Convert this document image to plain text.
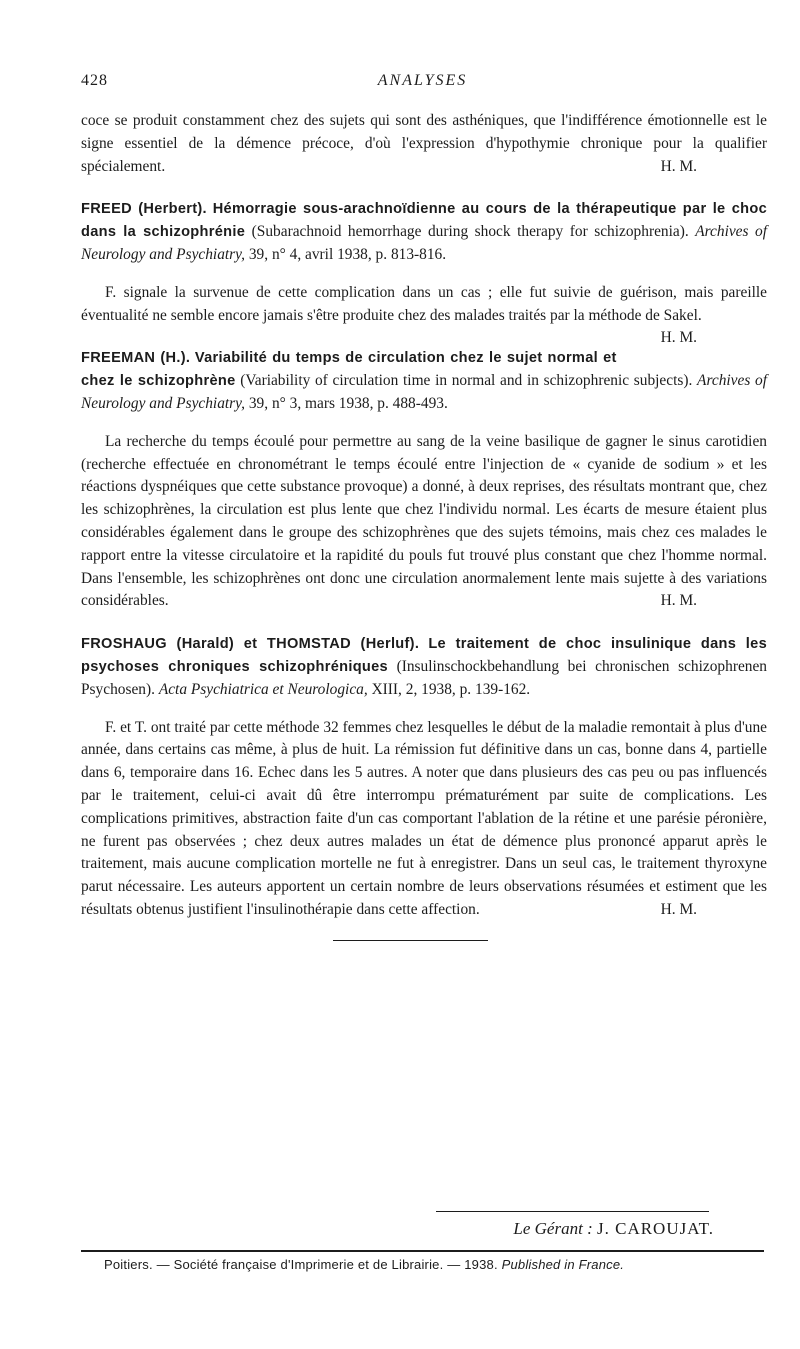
428	ANALYSES

coce se produit constamment chez des sujets qui sont des asthéniques, que l'indifférence émotionnelle est le signe essentiel de la démence précoce, d'où l'expression d'hypothymie chronique pour la qualifier spécialement.	H. M.

FREED (Herbert). Hémorragie sous-arachnoïdienne au cours de la thérapeutique par le choc dans la schizophrénie (Subarachnoid hemorrhage during shock therapy for schizophrenia). Archives of Neurology and Psychiatry, 39, n° 4, avril 1938, p. 813-816.

F. signale la survenue de cette complication dans un cas ; elle fut suivie de guérison, mais pareille éventualité ne semble encore jamais s'être produite chez des malades traités par la méthode de Sakel.
H. M.

FREEMAN (H.). Variabilité du temps de circulation chez le sujet normal et chez le schizophrène (Variability of circulation time in normal and in schizophrenic subjects). Archives of Neurology and Psychiatry, 39, n° 3, mars 1938, p. 488-493.

La recherche du temps écoulé pour permettre au sang de la veine basilique de gagner le sinus carotidien (recherche effectuée en chronométrant le temps écoulé entre l'injection de « cyanide de sodium » et les réactions dyspnéiques que cette substance provoque) a donné, à deux reprises, des résultats montrant que, chez les schizophrènes, la circulation est plus lente que chez l'individu normal. Les écarts de mesure étaient plus considérables également dans le groupe des schizophrènes que des sujets témoins, mais chez ces malades le rapport entre la vitesse circulatoire et la rapidité du pouls fut trouvé plus constant que chez l'homme normal. Dans l'ensemble, les schizophrènes ont donc une circulation anormalement lente mais sujette à des variations considérables.	H. M.

FROSHAUG (Harald) et THOMSTAD (Herluf). Le traitement de choc insulinique dans les psychoses chroniques schizophréniques (Insulinschockbehandlung bei chronischen schizophrenen Psychosen). Acta Psychiatrica et Neurologica, XIII, 2, 1938, p. 139-162.

F. et T. ont traité par cette méthode 32 femmes chez lesquelles le début de la maladie remontait à plus d'une année, dans certains cas même, à plus de huit. La rémission fut définitive dans un cas, bonne dans 4, partielle dans 6, temporaire dans 16. Echec dans les 5 autres. A noter que dans plusieurs des cas peu ou pas influencés par le traitement, celui-ci avait dû être interrompu prématurément par suite de complications. Les complications primitives, abstraction faite d'un cas comportant l'ablation de la rétine et une parésie péronière, ne furent pas observées ; chez deux autres malades un état de démence plus prononcé apparut après le traitement, mais aucune complication mortelle ne fut à enregistrer. Dans un seul cas, le traitement thyroxyne parut nécessaire. Les auteurs apportent un certain nombre de leurs observations résumées et estiment que les résultats obtenus justifient l'insulinothérapie dans cette affection.	H. M.

Le Gérant : J. CAROUJAT.
Poitiers. — Société française d'Imprimerie et de Librairie. — 1938. Published in France.
